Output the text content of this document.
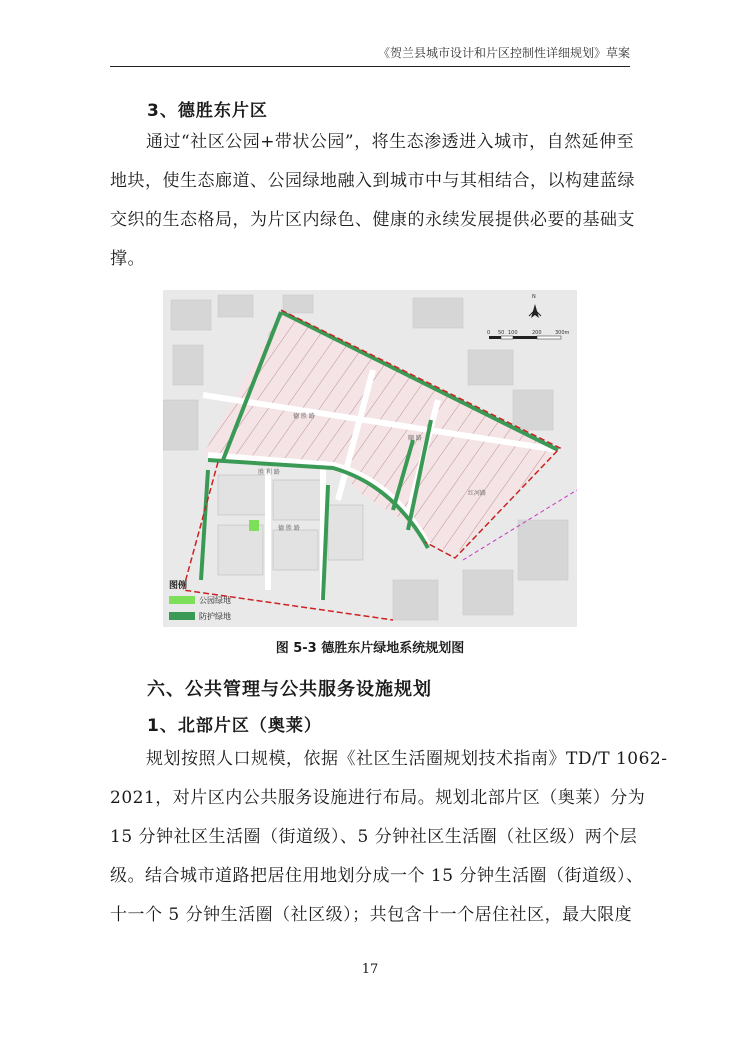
《贺兰县城市设计和片区控制性详细规划》草案
3、德胜东片区
通过“社区公园+带状公园”，将生态渗透进入城市，自然延伸至
地块，使生态廊道、公园绿地融入到城市中与其相结合，以构建蓝绿
交织的生态格局，为片区内绿色、健康的永续发展提供必要的基础支
撑。
德 胜 路
顺 路
胜 利 路
德 胜 路
红河路
N
0 50 100	200	300m
图例
公园绿地
防护绿地
图 5-3 德胜东片绿地系统规划图
六、公共管理与公共服务设施规划
1、北部片区（奥莱）
规划按照人口规模，依据《社区生活圈规划技术指南》TD/T 1062-
2021，对片区内公共服务设施进行布局。规划北部片区（奥莱）分为
15 分钟社区生活圈（街道级）、5 分钟社区生活圈（社区级）两个层
级。结合城市道路把居住用地划分成一个 15 分钟生活圈（街道级）、
十一个 5 分钟生活圈（社区级）；共包含十一个居住社区，最大限度
17
